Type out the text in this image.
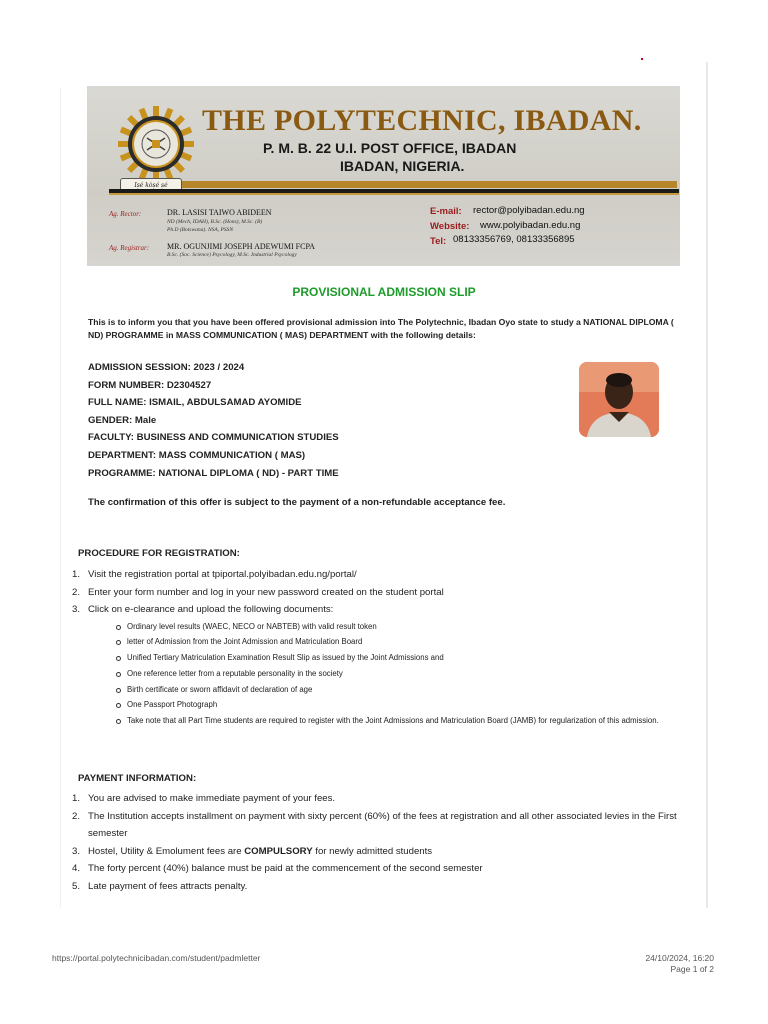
Iṣé kòṣé ṣé
THE POLYTECHNIC, IBADAN.
P. M. B. 22 U.I. POST OFFICE, IBADAN
IBADAN, NIGERIA.
Ag. Rector:	DR. LASISI TAIWO ABIDEEN
ND (Mech, IDAH), B.Sc. (Hons), M.Sc. (B)
Ph.D (Botswana). NSA, PSSN
Ag. Registrar: MR. OGUNJIMI JOSEPH ADEWUMI FCPA
B.Sc. (Soc. Science) Psycology, M.Sc. Industrial Psycology
E-mail: rector@polyibadan.edu.ng
Website: www.polyibadan.edu.ng
Tel: 08133356769, 08133356895
PROVISIONAL ADMISSION SLIP
This is to inform you that you have been offered provisional admission into The Polytechnic, Ibadan Oyo state to study a NATIONAL DIPLOMA ( ND) PROGRAMME in MASS COMMUNICATION ( MAS) DEPARTMENT with the following details:
ADMISSION SESSION: 2023 / 2024
FORM NUMBER: D2304527
FULL NAME: ISMAIL, ABDULSAMAD AYOMIDE
GENDER: Male
FACULTY: BUSINESS AND COMMUNICATION STUDIES
DEPARTMENT: MASS COMMUNICATION ( MAS)
PROGRAMME: NATIONAL DIPLOMA ( ND) - PART TIME
The confirmation of this offer is subject to the payment of a non-refundable acceptance fee.
PROCEDURE FOR REGISTRATION:
1. Visit the registration portal at tpiportal.polyibadan.edu.ng/portal/
2. Enter your form number and log in your new password created on the student portal
3. Click on e-clearance and upload the following documents:
Ordinary level results (WAEC, NECO or NABTEB) with valid result token
letter of Admission from the Joint Admission and Matriculation Board
Unified Tertiary Matriculation Examination Result Slip as issued by the Joint Admissions and
One reference letter from a reputable personality in the society
Birth certificate or sworn affidavit of declaration of age
One Passport Photograph
Take note that all Part Time students are required to register with the Joint Admissions and Matriculation Board (JAMB) for regularization of this admission.
PAYMENT INFORMATION:
1. You are advised to make immediate payment of your fees.
2. The Institution accepts installment on payment with sixty percent (60%) of the fees at registration and all other associated levies in the First semester
3. Hostel, Utility & Emolument fees are COMPULSORY for newly admitted students
4. The forty percent (40%) balance must be paid at the commencement of the second semester
5. Late payment of fees attracts penalty.
https://portal.polytechnicibadan.com/student/padmletter	24/10/2024, 16:20
Page 1 of 2
